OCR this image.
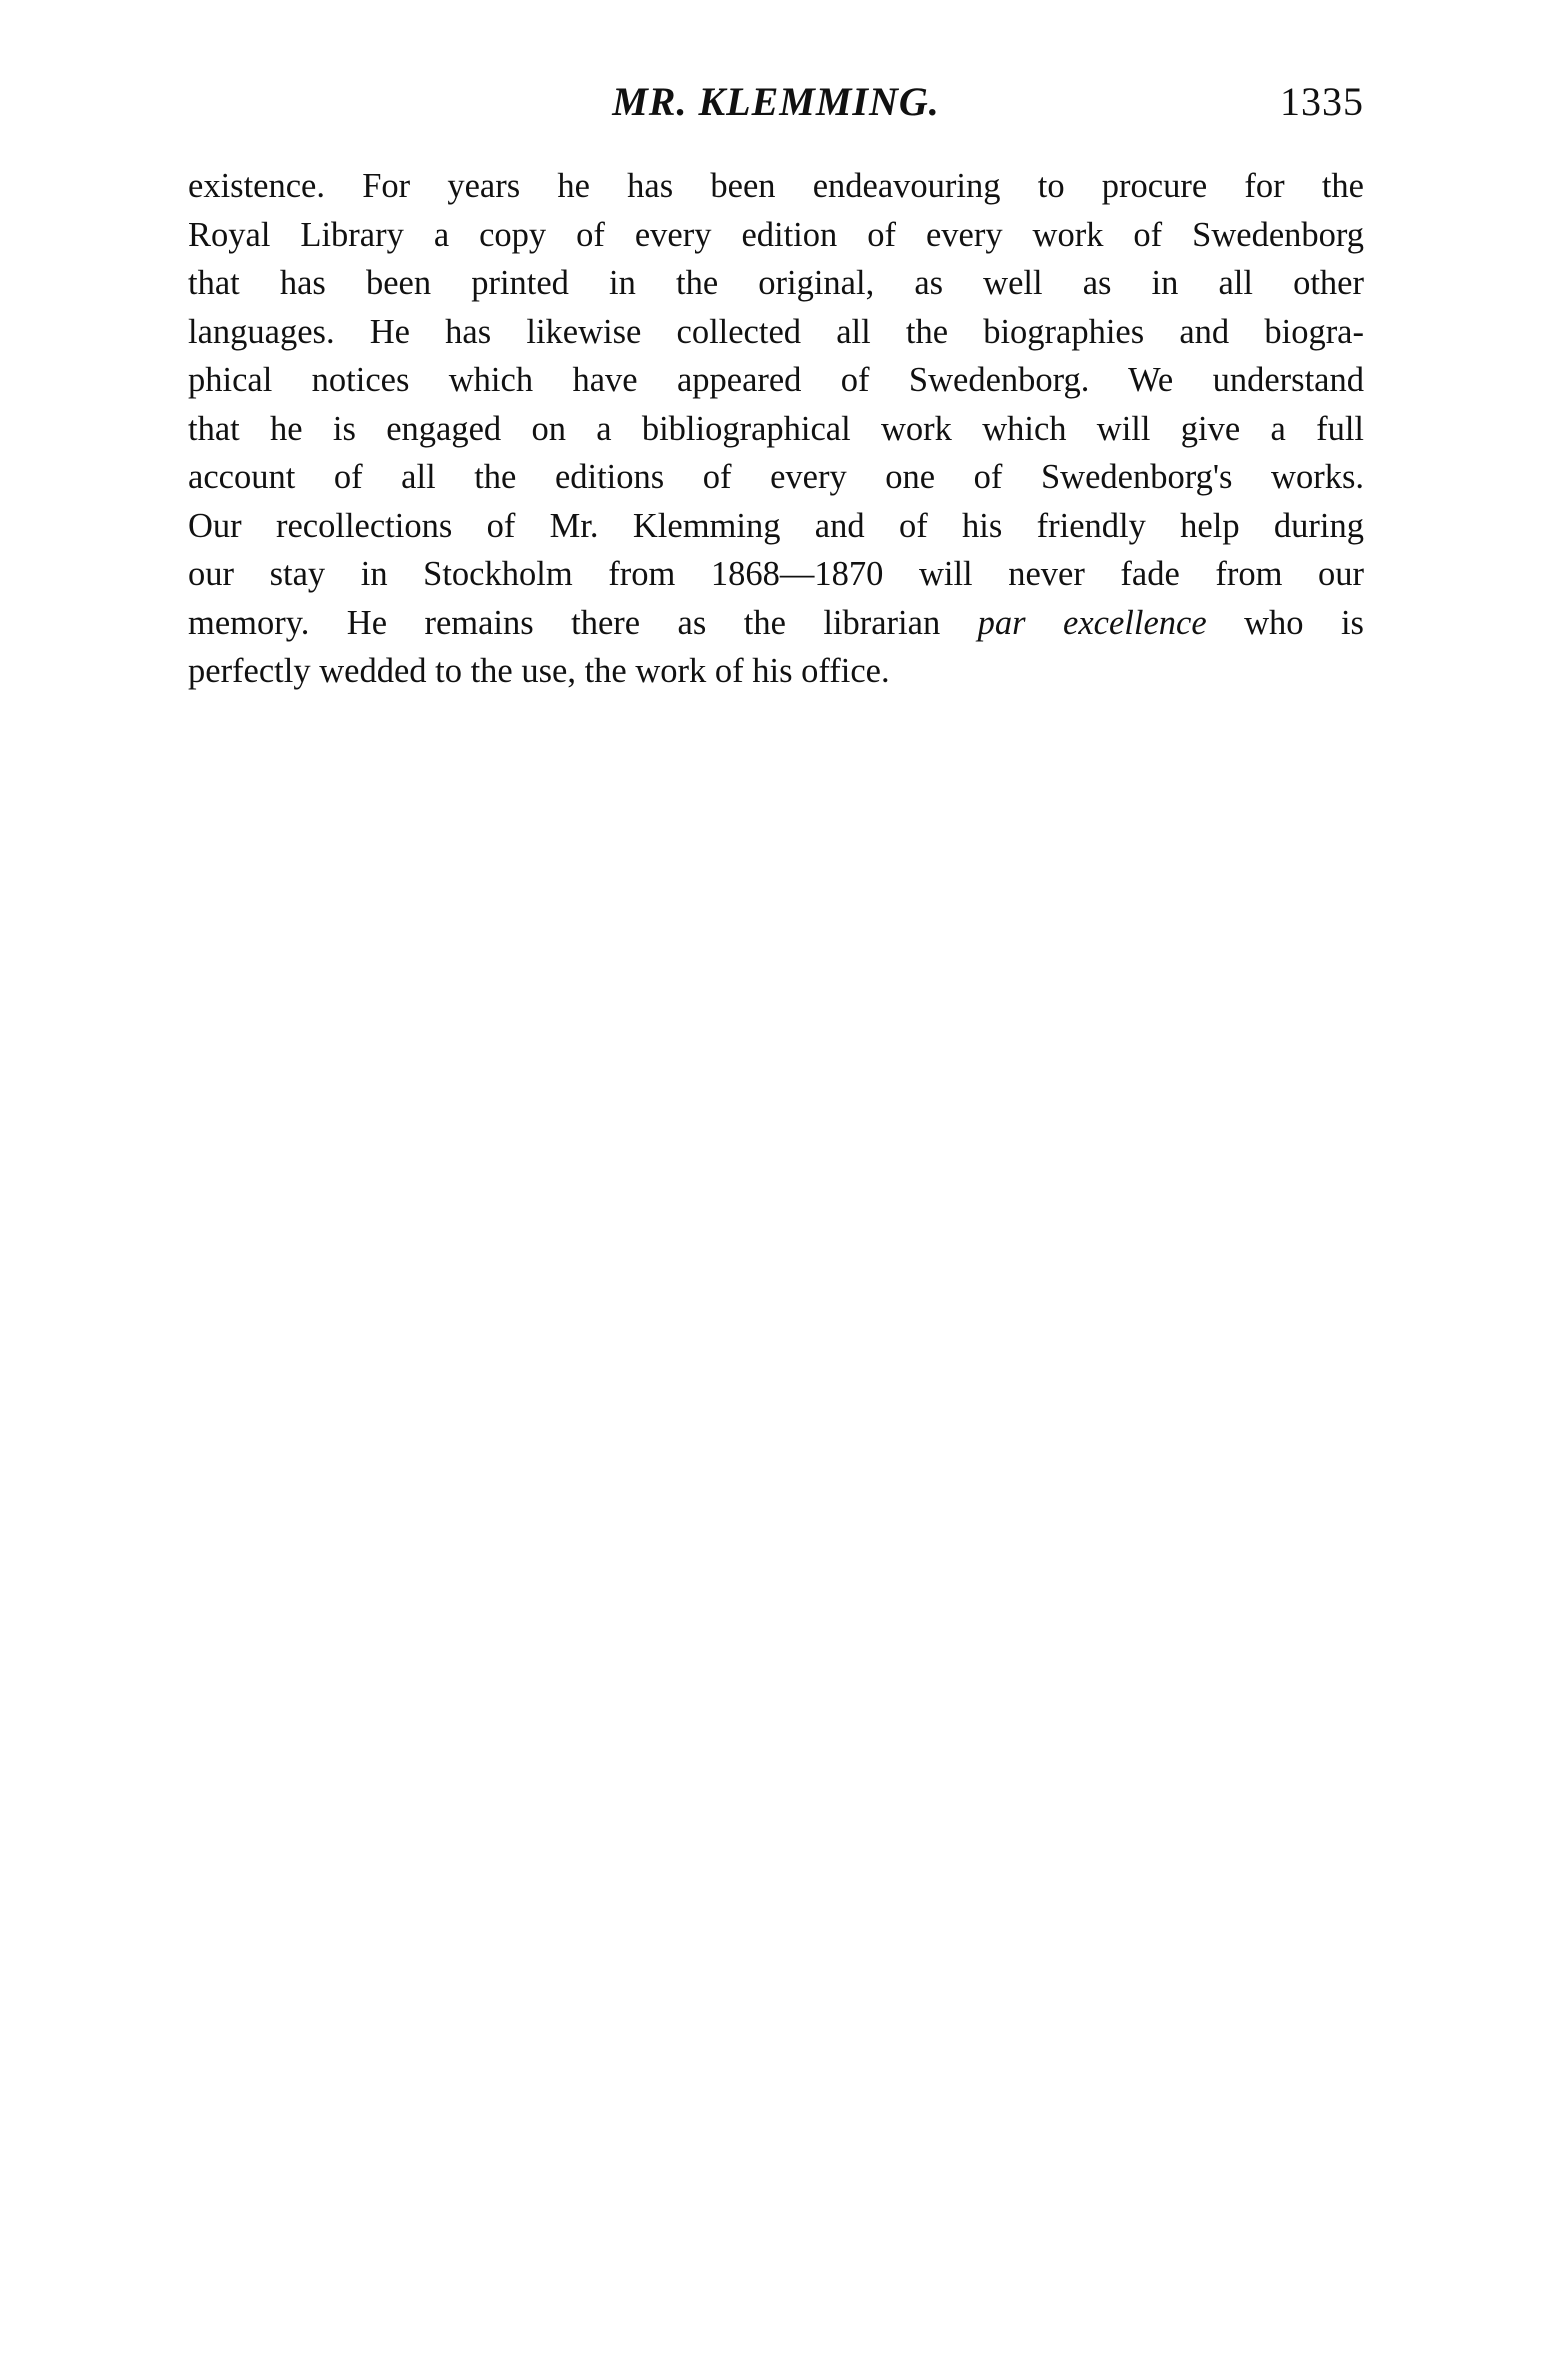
MR. KLEMMING.	1335
existence. For years he has been endeavouring to procure for the
Royal Library a copy of every edition of every work of Swedenborg
that has been printed in the original, as well as in all other
languages. He has likewise collected all the biographies and biogra-
phical notices which have appeared of Swedenborg. We understand
that he is engaged on a bibliographical work which will give a full
account of all the editions of every one of Swedenborg's works.
Our recollections of Mr. Klemming and of his friendly help during
our stay in Stockholm from 1868—1870 will never fade from our
memory. He remains there as the librarian par excellence who is
perfectly wedded to the use, the work of his office.
